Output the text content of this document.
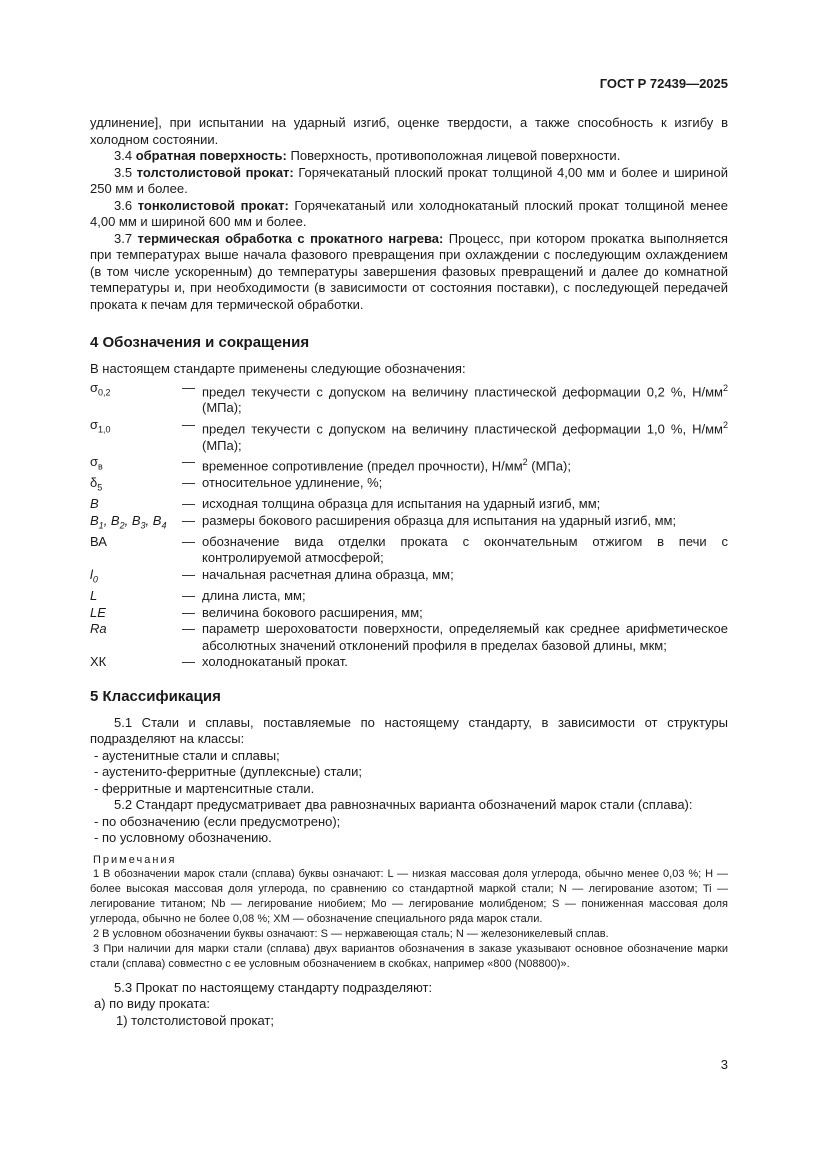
ГОСТ Р 72439—2025

удлинение], при испытании на ударный изгиб, оценке твердости, а также способность к изгибу в холодном состоянии.

3.4 обратная поверхность: Поверхность, противоположная лицевой поверхности.

3.5 толстолистовой прокат: Горячекатаный плоский прокат толщиной 4,00 мм и более и шириной 250 мм и более.

3.6 тонколистовой прокат: Горячекатаный или холоднокатаный плоский прокат толщиной менее 4,00 мм и шириной 600 мм и более.

3.7 термическая обработка с прокатного нагрева: Процесс, при котором прокатка выполняется при температурах выше начала фазового превращения при охлаждении с последующим охлаждением (в том числе ускоренным) до температуры завершения фазовых превращений и далее до комнатной температуры и, при необходимости (в зависимости от состояния поставки), с последующей передачей проката к печам для термической обработки.

4 Обозначения и сокращения

В настоящем стандарте применены следующие обозначения:

$\sigma_{0,2}$	— предел текучести с допуском на величину пластической деформации 0,2 %, $Н/мм^2$ (МПа);
$\sigma_{1,0}$	— предел текучести с допуском на величину пластической деформации 1,0 %, $Н/мм^2$ (МПа);
$\sigma_в$	— временное сопротивление (предел прочности), $Н/мм^2$ (МПа);
$\delta_5$	— относительное удлинение, %;
B	— исходная толщина образца для испытания на ударный изгиб, мм;
$B_1$, $B_2$, $B_3$, $B_4$	— размеры бокового расширения образца для испытания на ударный изгиб, мм;
ВА	— обозначение вида отделки проката с окончательным отжигом в печи с контролируемой атмосферой;
$l_0$	— начальная расчетная длина образца, мм;
L	— длина листа, мм;
LE	— величина бокового расширения, мм;
Ra	— параметр шероховатости поверхности, определяемый как среднее арифметическое абсолютных значений отклонений профиля в пределах базовой длины, мкм;
ХК	— холоднокатаный прокат.
5 Классификация

5.1 Стали и сплавы, поставляемые по настоящему стандарту, в зависимости от структуры подразделяют на классы:

- аустенитные стали и сплавы;

- аустенито-ферритные (дуплексные) стали;

- ферритные и мартенситные стали.

5.2 Стандарт предусматривает два равнозначных варианта обозначений марок стали (сплава):

- по обозначению (если предусмотрено);

- по условному обозначению.

Примечания

1 В обозначении марок стали (сплава) буквы означают: L — низкая массовая доля углерода, обычно менее 0,03 %; H — более высокая массовая доля углерода, по сравнению со стандартной маркой стали; N — легирование азотом; Ti — легирование титаном; Nb — легирование ниобием; Mo — легирование молибденом; S — пониженная массовая доля углерода, обычно не более 0,08 %; XM — обозначение специального ряда марок стали.

2 В условном обозначении буквы означают: S — нержавеющая сталь; N — железоникелевый сплав.

3 При наличии для марки стали (сплава) двух вариантов обозначения в заказе указывают основное обозначение марки стали (сплава) совместно с ее условным обозначением в скобках, например «800 (N08800)».

5.3 Прокат по настоящему стандарту подразделяют:

а) по виду проката:

1) толстолистовой прокат;

3
